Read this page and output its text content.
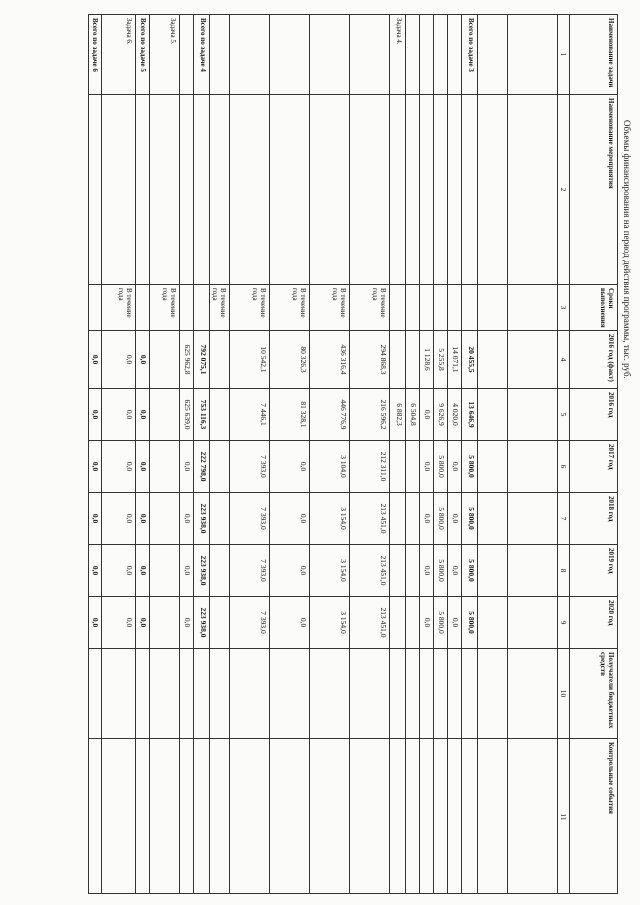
Объемы финансирования на период действия программы, тыс. руб.
Наименование задачи
Наименование мероприятия
Сроки выполнения
2016 год (факт)
2016 год
2017 год
2018 год
2019 год
2020 год
Получатели бюджетных средств
Контрольные события
1
2
3
4
5
6
7
8
9
10
11
Всего по задаче 3
20 455,5
13 646,9
5 800,0
5 800,0
5 800,0
5 800,0
14 071,1
4 020,0
0,0
0,0
0,0
0,0
5 255,8
9 626,9
5 800,0
5 800,0
5 800,0
5 800,0
1 128,6
0,0
0,0
0,0
0,0
0,0
6 504,8
Задача 4.
6 882,3
В течение года
294 868,3
216 596,2
212 311,0
213 451,0
213 451,0
213 451,0
В течение года
436 316,4
446 776,9
3 104,0
3 154,0
3 154,0
3 154,0
В течение года
80 326,3
81 328,1
0,0
0,0
0,0
0,0
В течение года
10 542,1
7 446,1
7 393,0
7 393,0
7 393,0
7 393,0
В течение года
Всего по задаче 4
792 075,1
753 116,3
222 798,0
223 938,0
223 938,0
223 938,0
625 962,8
625 639,0
0,0
0,0
0,0
0,0
Задача 5.
В течение года
Всего по задаче 5
0,0
0,0
0,0
0,0
0,0
0,0
Задача 6.
В течение года
0,0
0,0
0,0
0,0
0,0
0,0
Всего по задаче 6
0,0
0,0
0,0
0,0
0,0
0,0
